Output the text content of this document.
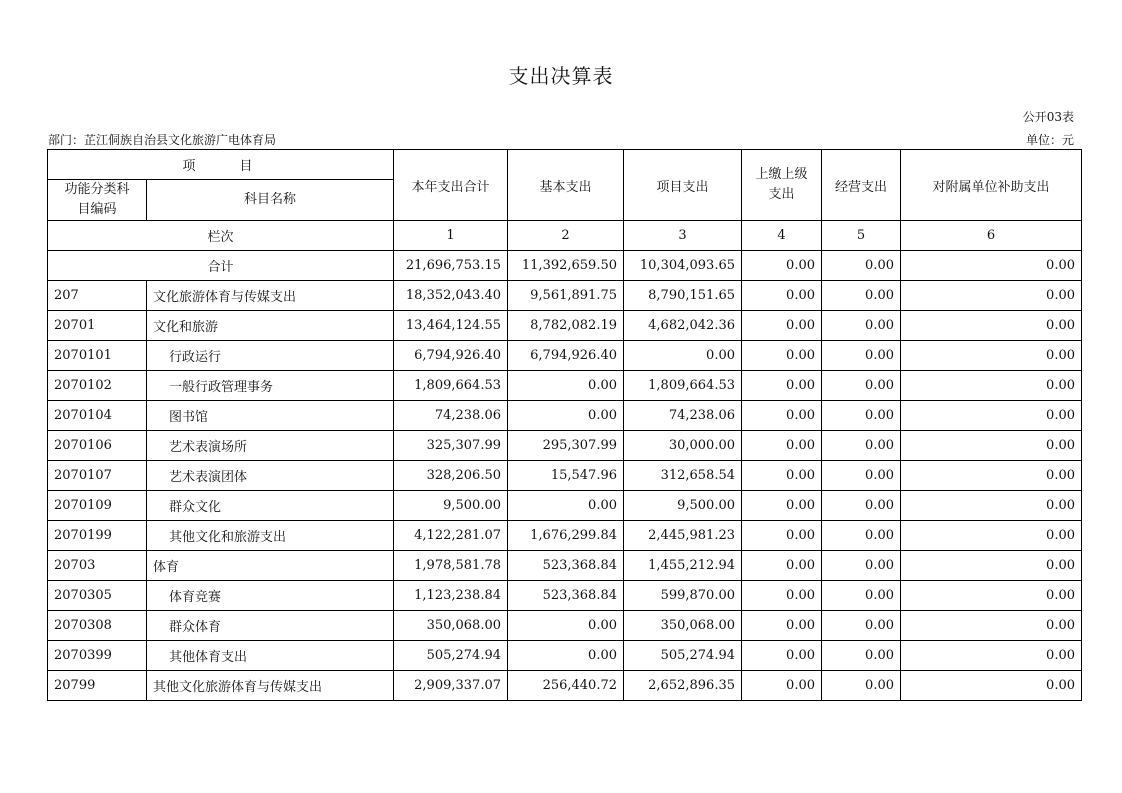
支出决算表
公开03表
部门：芷江侗族自治县文化旅游广电体育局	单位：元
项　　目		本年支出合计	基本支出	项目支出	上缴上级支出	经营支出	对附属单位补助支出
功能分类科目编码	科目名称						
栏次		1	2	3	4	5	6
合计		21,696,753.15	11,392,659.50	10,304,093.65	0.00	0.00	0.00
207	文化旅游体育与传媒支出	18,352,043.40	9,561,891.75	8,790,151.65	0.00	0.00	0.00
20701	文化和旅游	13,464,124.55	8,782,082.19	4,682,042.36	0.00	0.00	0.00
2070101	行政运行	6,794,926.40	6,794,926.40	0.00	0.00	0.00	0.00
2070102	一般行政管理事务	1,809,664.53	0.00	1,809,664.53	0.00	0.00	0.00
2070104	图书馆	74,238.06	0.00	74,238.06	0.00	0.00	0.00
2070106	艺术表演场所	325,307.99	295,307.99	30,000.00	0.00	0.00	0.00
2070107	艺术表演团体	328,206.50	15,547.96	312,658.54	0.00	0.00	0.00
2070109	群众文化	9,500.00	0.00	9,500.00	0.00	0.00	0.00
2070199	其他文化和旅游支出	4,122,281.07	1,676,299.84	2,445,981.23	0.00	0.00	0.00
20703	体育	1,978,581.78	523,368.84	1,455,212.94	0.00	0.00	0.00
2070305	体育竞赛	1,123,238.84	523,368.84	599,870.00	0.00	0.00	0.00
2070308	群众体育	350,068.00	0.00	350,068.00	0.00	0.00	0.00
2070399	其他体育支出	505,274.94	0.00	505,274.94	0.00	0.00	0.00
20799	其他文化旅游体育与传媒支出	2,909,337.07	256,440.72	2,652,896.35	0.00	0.00	0.00
